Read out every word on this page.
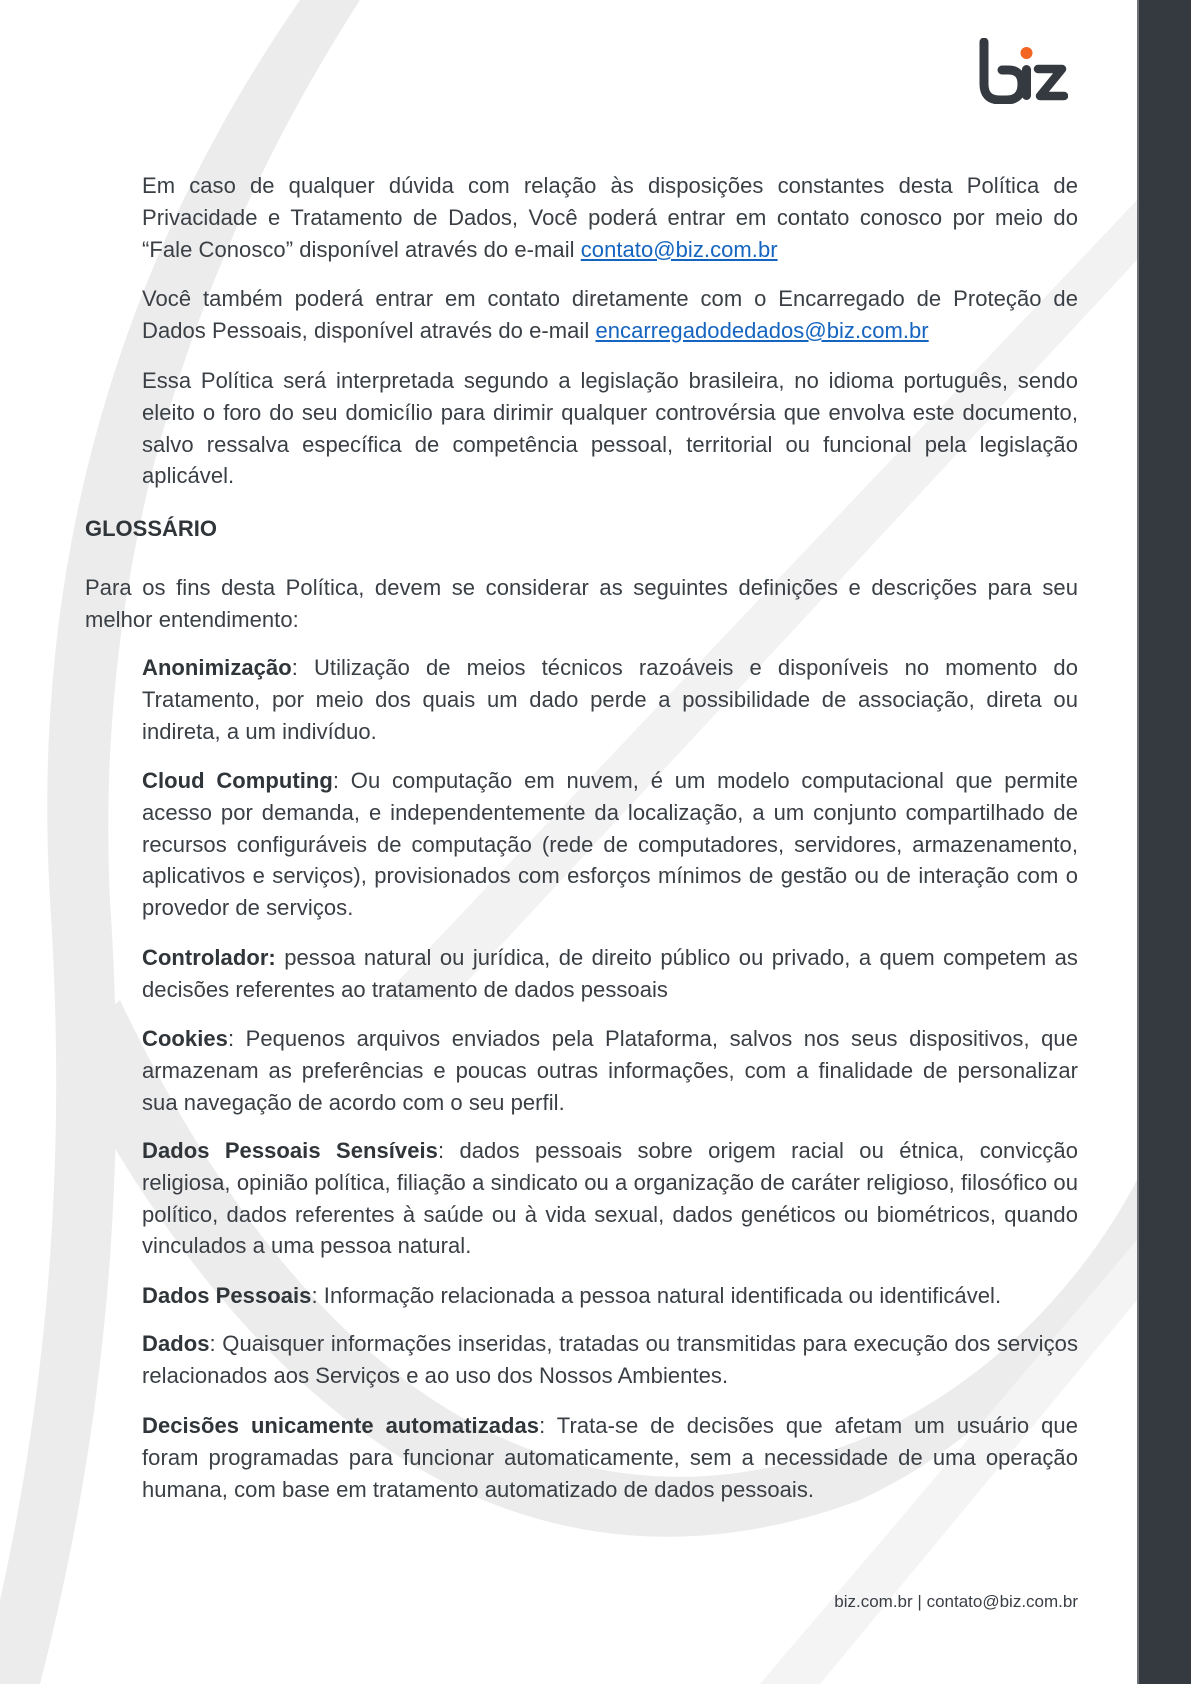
Em caso de qualquer dúvida com relação às disposições constantes desta Política de Privacidade e Tratamento de Dados, Você poderá entrar em contato conosco por meio do “Fale Conosco” disponível através do e-mail contato@biz.com.br

Você também poderá entrar em contato diretamente com o Encarregado de Proteção de Dados Pessoais, disponível através do e-mail encarregadodedados@biz.com.br

Essa Política será interpretada segundo a legislação brasileira, no idioma português, sendo eleito o foro do seu domicílio para dirimir qualquer controvérsia que envolva este documento, salvo ressalva específica de competência pessoal, territorial ou funcional pela legislação aplicável.

GLOSSÁRIO

Para os fins desta Política, devem se considerar as seguintes definições e descrições para seu melhor entendimento:

Anonimização: Utilização de meios técnicos razoáveis e disponíveis no momento do Tratamento, por meio dos quais um dado perde a possibilidade de associação, direta ou indireta, a um indivíduo.

Cloud Computing: Ou computação em nuvem, é um modelo computacional que permite acesso por demanda, e independentemente da localização, a um conjunto compartilhado de recursos configuráveis de computação (rede de computadores, servidores, armazenamento, aplicativos e serviços), provisionados com esforços mínimos de gestão ou de interação com o provedor de serviços.

Controlador: pessoa natural ou jurídica, de direito público ou privado, a quem competem as decisões referentes ao tratamento de dados pessoais

Cookies: Pequenos arquivos enviados pela Plataforma, salvos nos seus dispositivos, que armazenam as preferências e poucas outras informações, com a finalidade de personalizar sua navegação de acordo com o seu perfil.

Dados Pessoais Sensíveis: dados pessoais sobre origem racial ou étnica, convicção religiosa, opinião política, filiação a sindicato ou a organização de caráter religioso, filosófico ou político, dados referentes à saúde ou à vida sexual, dados genéticos ou biométricos, quando vinculados a uma pessoa natural.

Dados Pessoais: Informação relacionada a pessoa natural identificada ou identificável.

Dados: Quaisquer informações inseridas, tratadas ou transmitidas para execução dos serviços relacionados aos Serviços e ao uso dos Nossos Ambientes.

Decisões unicamente automatizadas: Trata-se de decisões que afetam um usuário que foram programadas para funcionar automaticamente, sem a necessidade de uma operação humana, com base em tratamento automatizado de dados pessoais.

biz.com.br | contato@biz.com.br
